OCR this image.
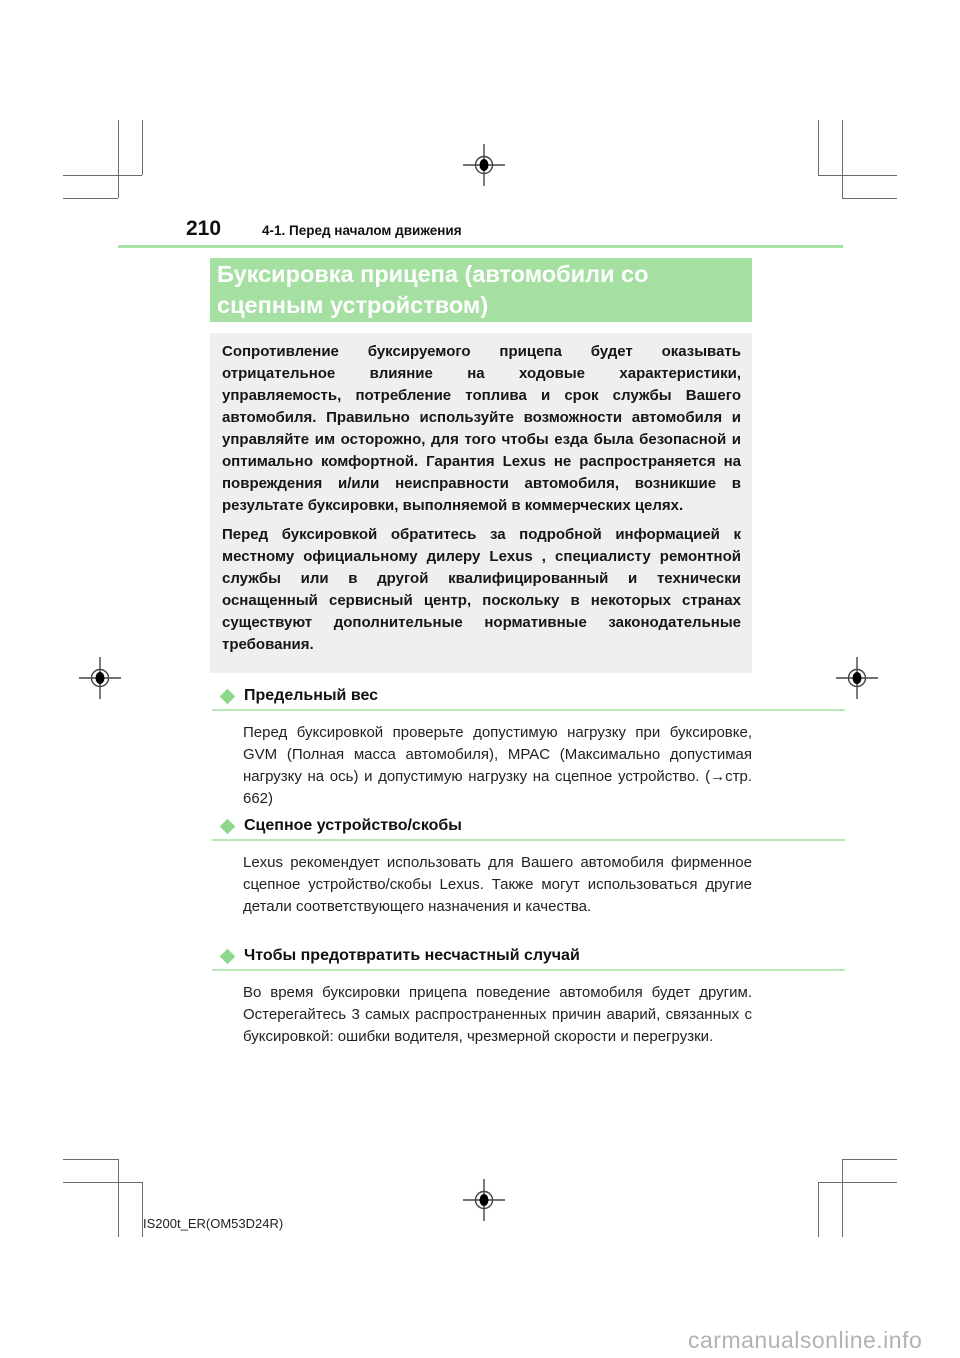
210	4-1. Перед началом движения
Буксировка прицепа (автомобили со сцепным устройством)

Сопротивление буксируемого прицепа будет оказывать отрицательное влияние на ходовые характеристики, управляемость, потребление топлива и срок службы Вашего автомобиля. Правильно используйте возможности автомобиля и управляйте им осторожно, для того чтобы езда была безопасной и оптимально комфортной. Гарантия Lexus не распространяется на повреждения и/или неисправности автомобиля, возникшие в результате буксировки, выполняемой в коммерческих целях.

Перед буксировкой обратитесь за подробной информацией к местному официальному дилеру Lexus , специалисту ремонтной службы или в другой квалифицированный и технически оснащенный сервисный центр, поскольку в некоторых странах существуют дополнительные нормативные законодательные требования.

Предельный вес

Перед буксировкой проверьте допустимую нагрузку при буксировке, GVM (Полная масса автомобиля), MPAC (Максимально допустимая нагрузку на ось) и допустимую нагрузку на сцепное устройство. (→стр. 662)

Сцепное устройство/скобы

Lexus рекомендует использовать для Вашего автомобиля фирменное сцепное устройство/скобы Lexus. Также могут использоваться другие детали соответствующего назначения и качества.

Чтобы предотвратить несчастный случай

Во время буксировки прицепа поведение автомобиля будет другим. Остерегайтесь 3 самых распространенных причин аварий, связанных с буксировкой: ошибки водителя, чрезмерной скорости и перегрузки.

IS200t_ER(OM53D24R)
carmanualsonline.info
